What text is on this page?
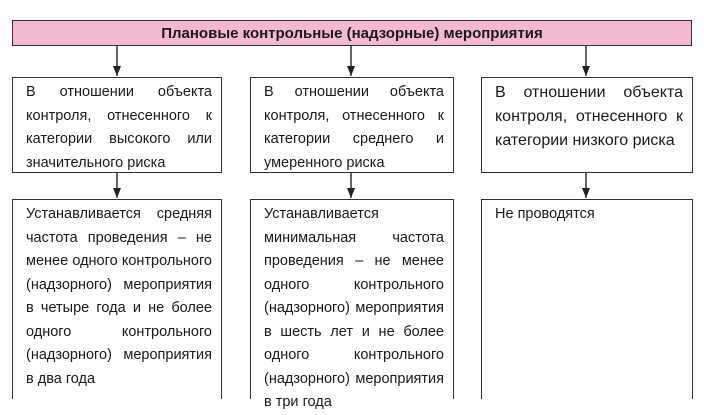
Плановые контрольные (надзорные) мероприятия
В отношении объекта контроля, отнесенного к категории высокого или значительного риска
В отношении объекта контроля, отнесенного к категории среднего и умеренного риска
В отношении объекта контроля, отнесенного к категории низкого риска
Устанавливается средняя частота проведения – не менее одного контрольного (надзорного) мероприятия в четыре года и не более одного контрольного (надзорного) мероприятия в два года
Устанавливается минимальная частота проведения – не менее одного контрольного (надзорного) мероприятия в шесть лет и не более одного контрольного (надзорного) мероприятия в три года
Не проводятся
